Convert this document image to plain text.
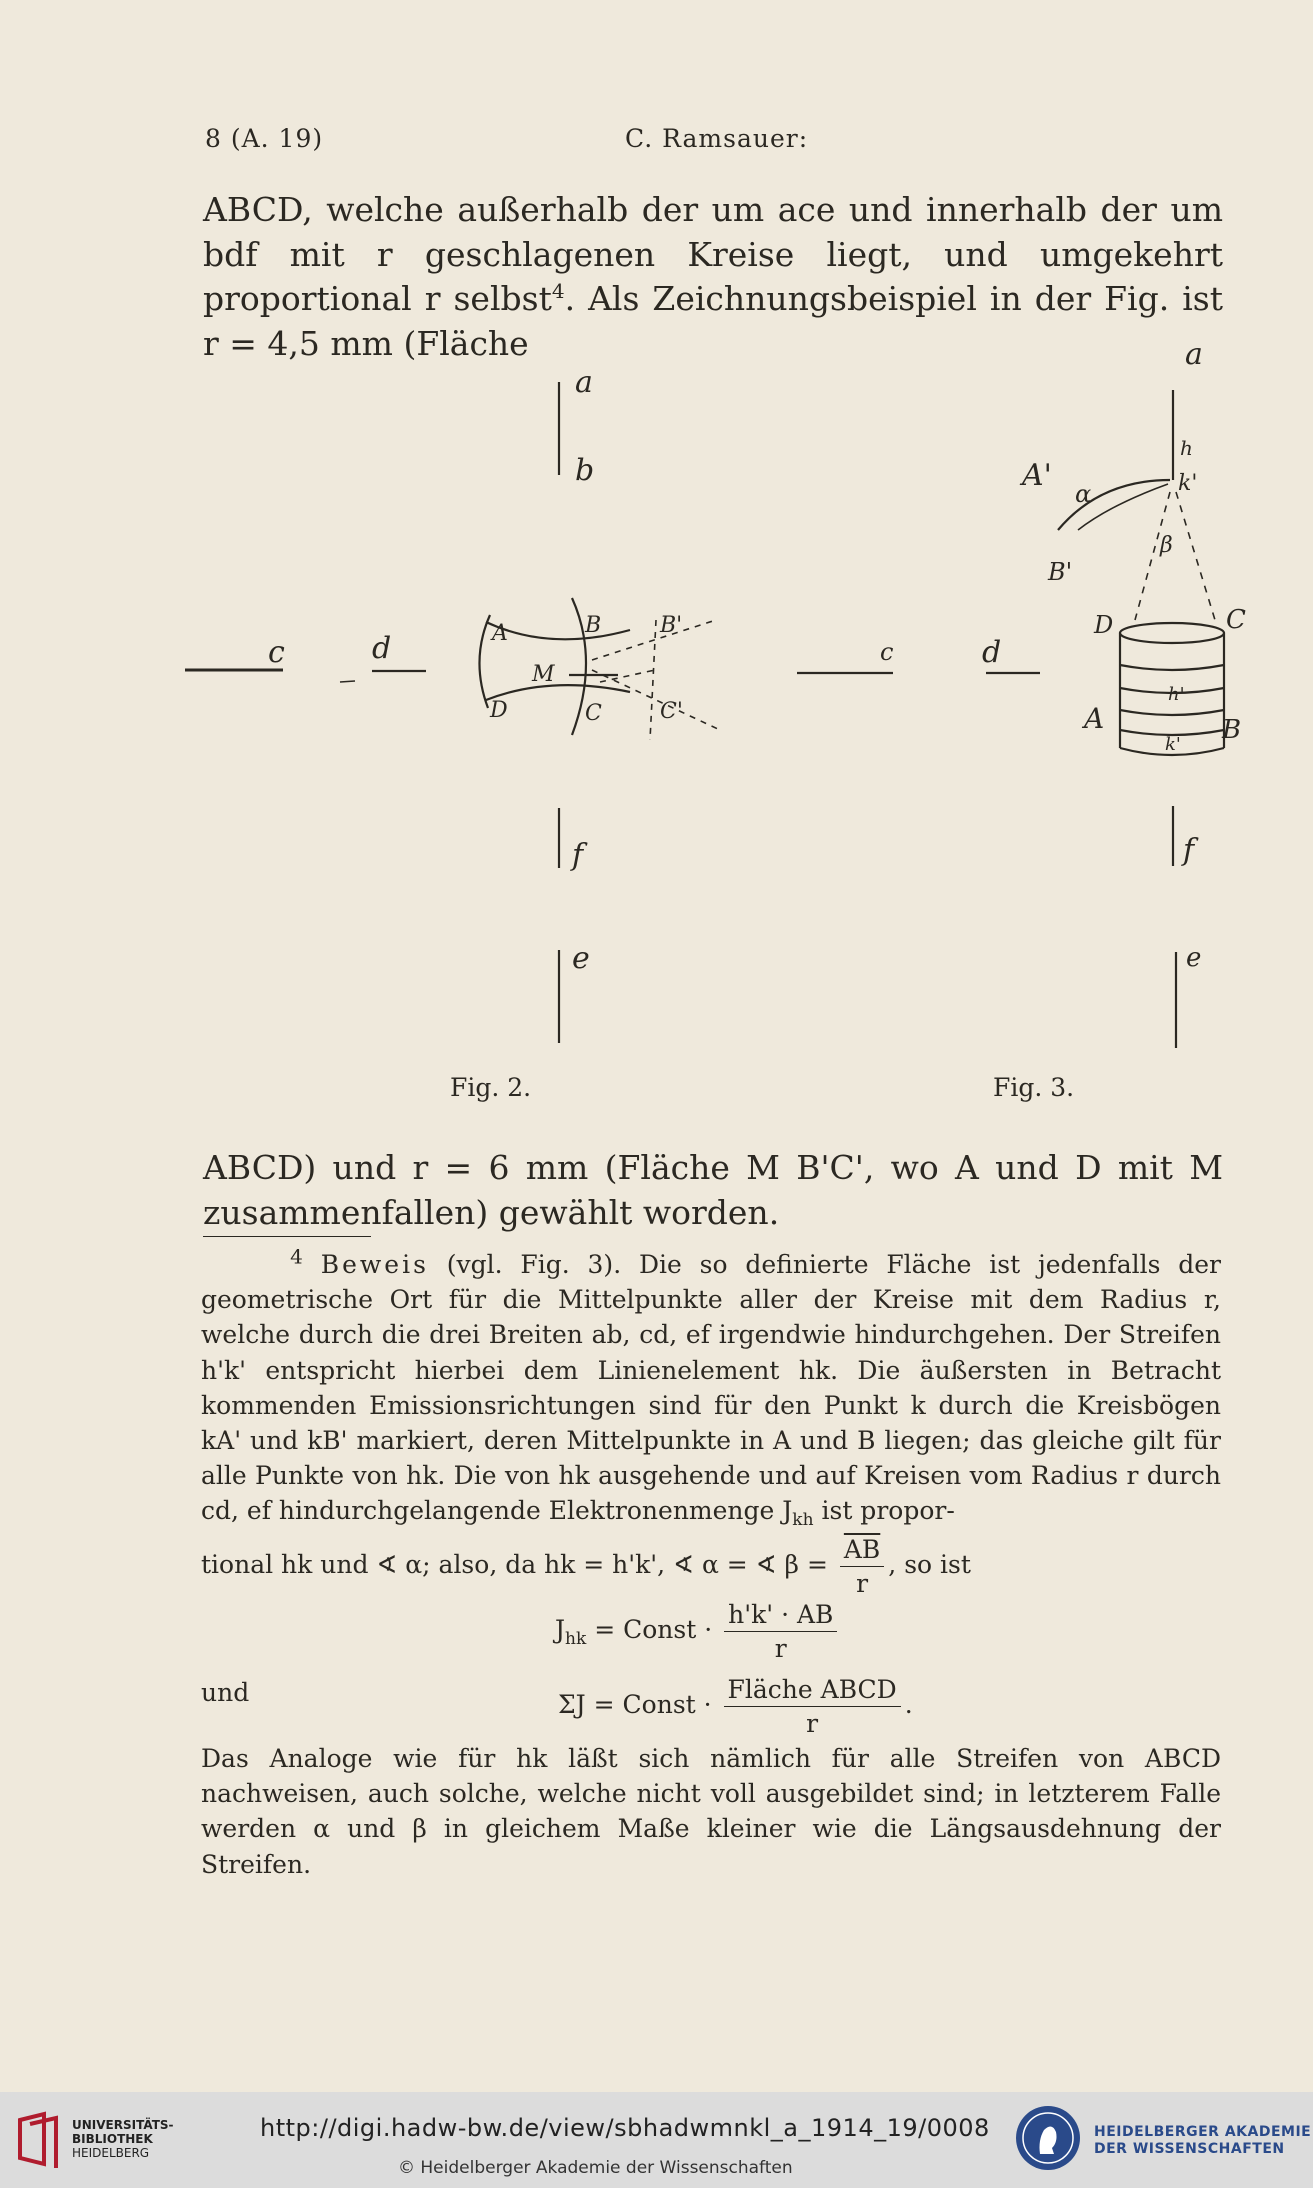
8 (A. 19)	C. Ramsauer:
ABCD, welche außerhalb der um ace und innerhalb der um bdf mit r geschlagenen Kreise liegt, und umgekehrt proportional r selbst$^4$. Als Zeichnungsbeispiel in der Fig. ist r = 4,5 mm (Fläche
a
b
c	d	A	B
M
D	C
B'
C'
f
e
a
h
k'
A'
α
β
B'
D	C
A	B
h'
k'
d
c
f
e
Fig. 2.	Fig. 3.
ABCD) und r = 6 mm (Fläche M B'C', wo A und D mit M zusammenfallen) gewählt worden.
$^4$ Beweis (vgl. Fig. 3). Die so definierte Fläche ist jedenfalls der geometrische Ort für die Mittelpunkte aller der Kreise mit dem Radius r, welche durch die drei Breiten ab, cd, ef irgendwie hindurchgehen. Der Streifen h'k' entspricht hierbei dem Linienelement hk. Die äußersten in Betracht kommenden Emissionsrichtungen sind für den Punkt k durch die Kreisbögen kA' und kB' markiert, deren Mittelpunkte in A und B liegen; das gleiche gilt für alle Punkte von hk. Die von hk ausgehende und auf Kreisen vom Radius r durch cd, ef hindurchgelangende Elektronenmenge $J_{kh}$ ist propor-
tional hk und ∢ α; also, da hk = h'k', ∢ α = ∢ $\beta = \frac{\overline{AB}}{r}$ , so ist
$J_{hk}$ = Const · $\frac{h'k' \cdot AB}{r}$
und	ΣJ = Const · $\frac{\text{Fläche ABCD}}{r}$ .
Das Analoge wie für hk läßt sich nämlich für alle Streifen von ABCD nachweisen, auch solche, welche nicht voll ausgebildet sind; in letzterem Falle werden α und β in gleichem Maße kleiner wie die Längsausdehnung der Streifen.
UNIVERSITÄTS-
BIBLIOTHEK
HEIDELBERG
http://digi.hadw-bw.de/view/sbhadwmnkl_a_1914_19/0008
© Heidelberger Akademie der Wissenschaften
HEIDELBERGER AKADEMIE
DER WISSENSCHAFTEN
